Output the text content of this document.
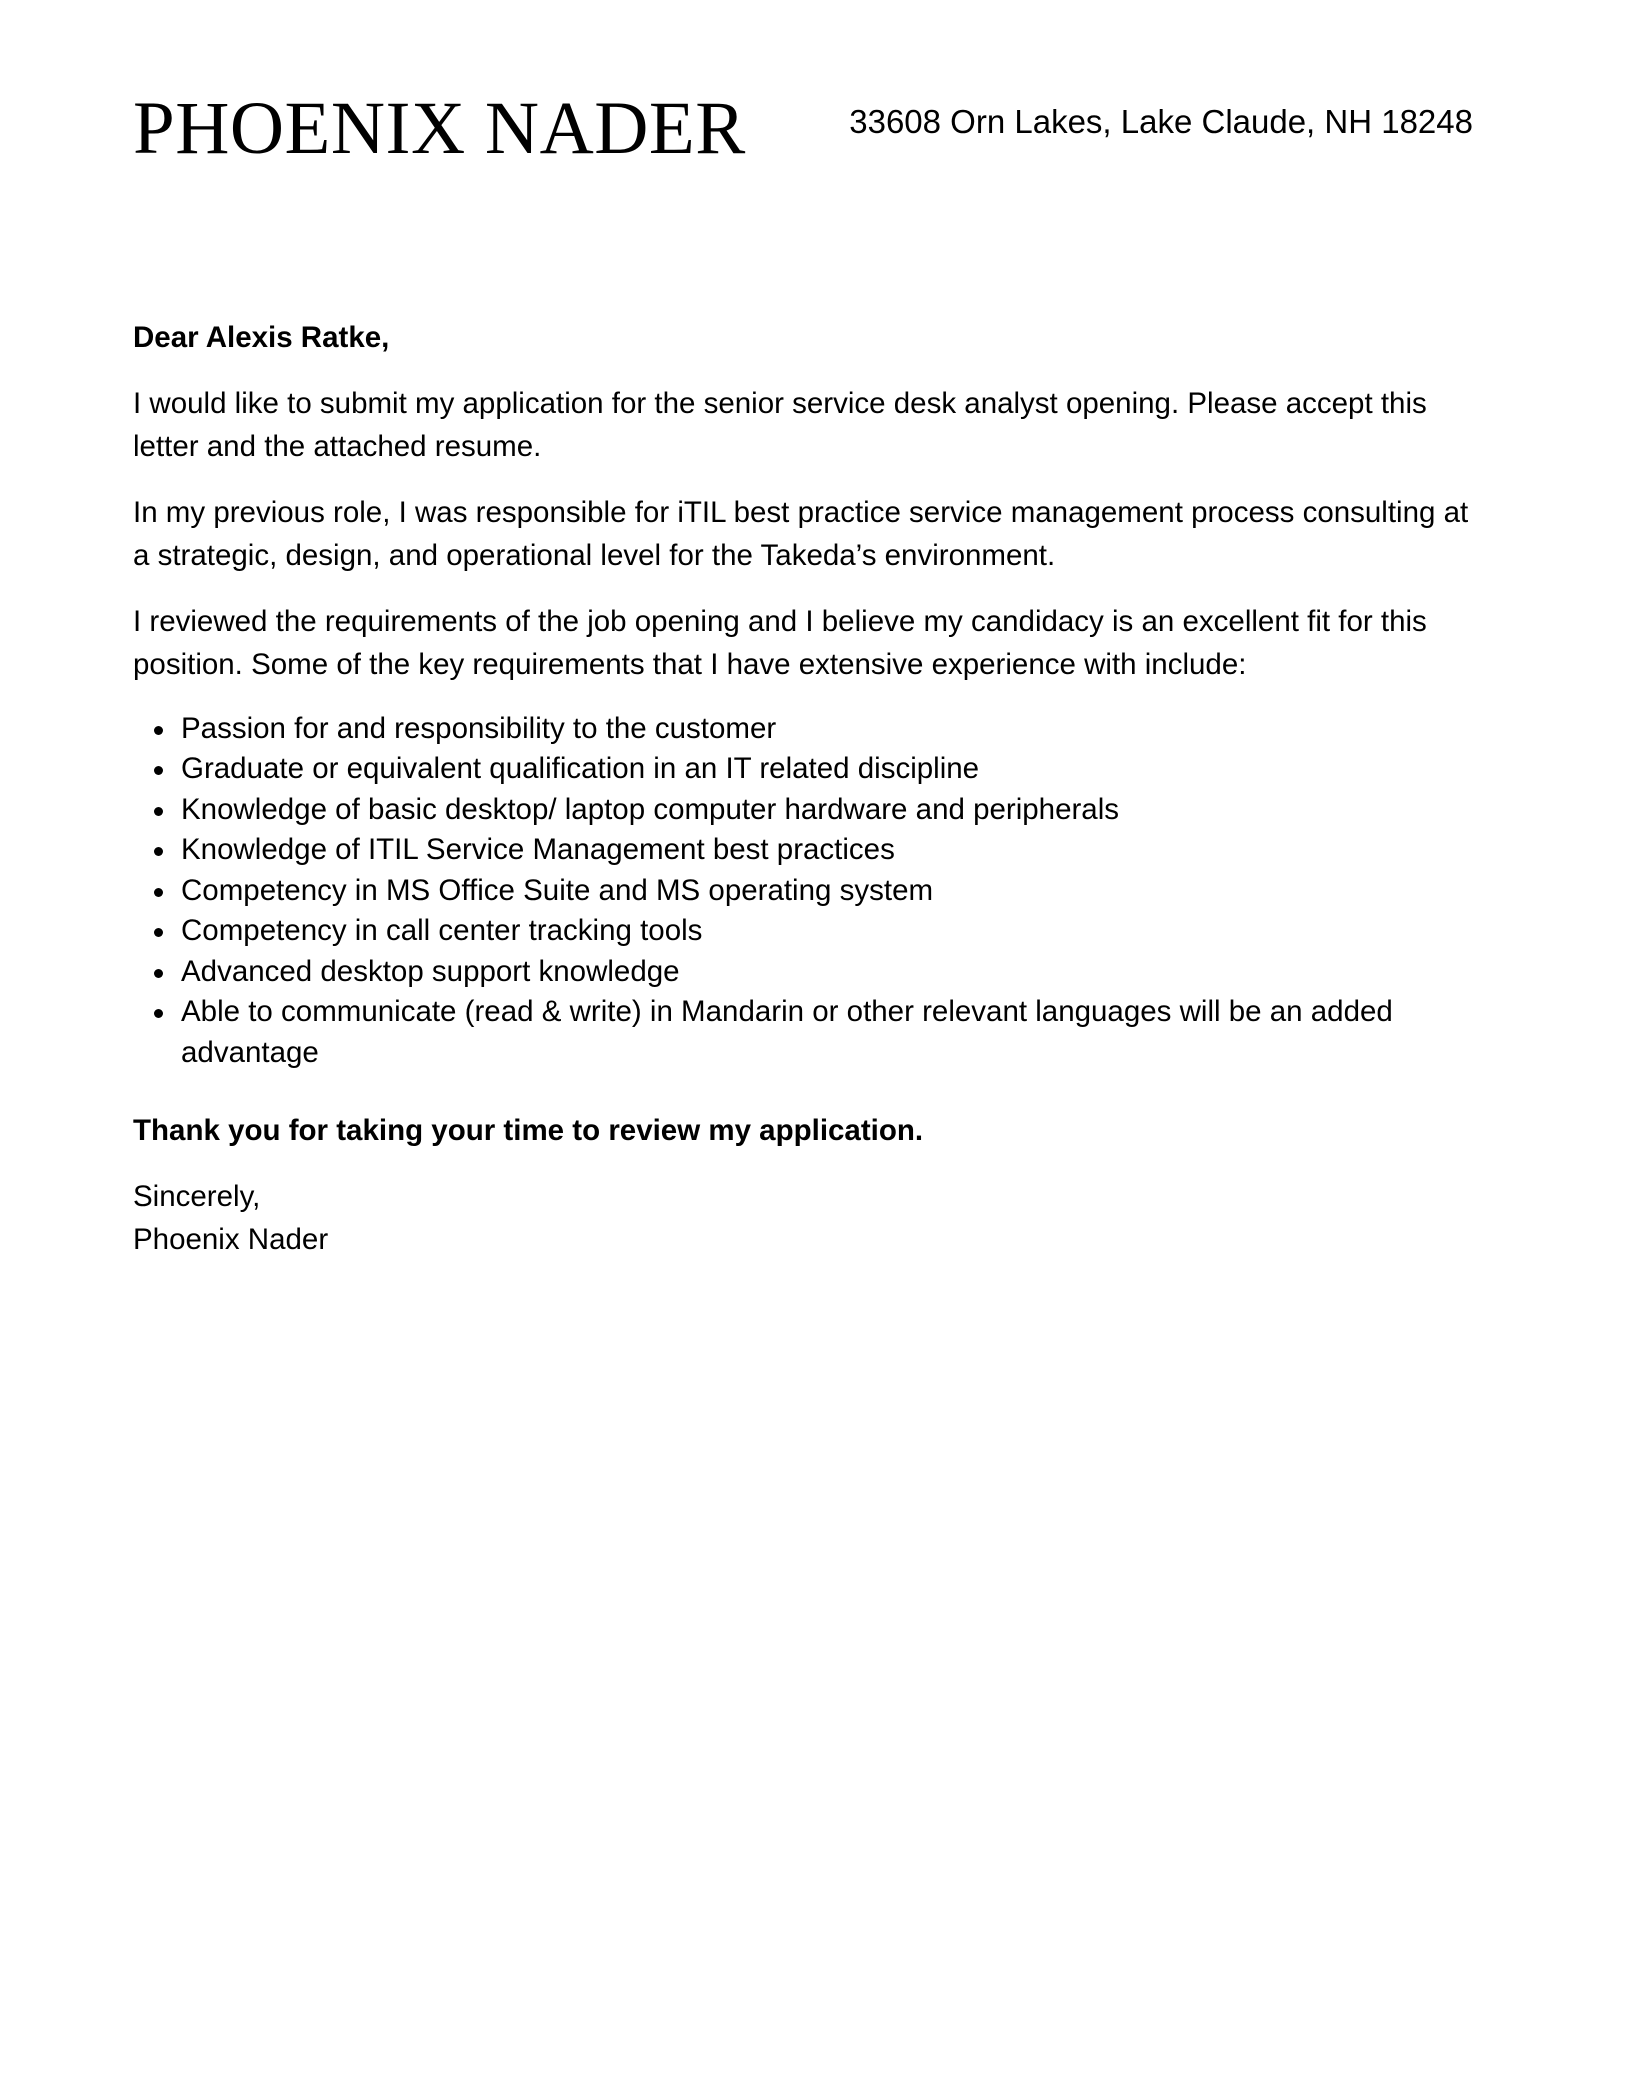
PHOENIX NADER	33608 Orn Lakes, Lake Claude, NH 18248

Dear Alexis Ratke,

I would like to submit my application for the senior service desk analyst opening. Please accept this letter and the attached resume.

In my previous role, I was responsible for iTIL best practice service management process consulting at a strategic, design, and operational level for the Takeda’s environment.

I reviewed the requirements of the job opening and I believe my candidacy is an excellent fit for this position. Some of the key requirements that I have extensive experience with include:

Passion for and responsibility to the customer
Graduate or equivalent qualification in an IT related discipline
Knowledge of basic desktop/ laptop computer hardware and peripherals
Knowledge of ITIL Service Management best practices
Competency in MS Office Suite and MS operating system
Competency in call center tracking tools
Advanced desktop support knowledge
Able to communicate (read & write) in Mandarin or other relevant languages will be an added advantage

Thank you for taking your time to review my application.

Sincerely,

Phoenix Nader
